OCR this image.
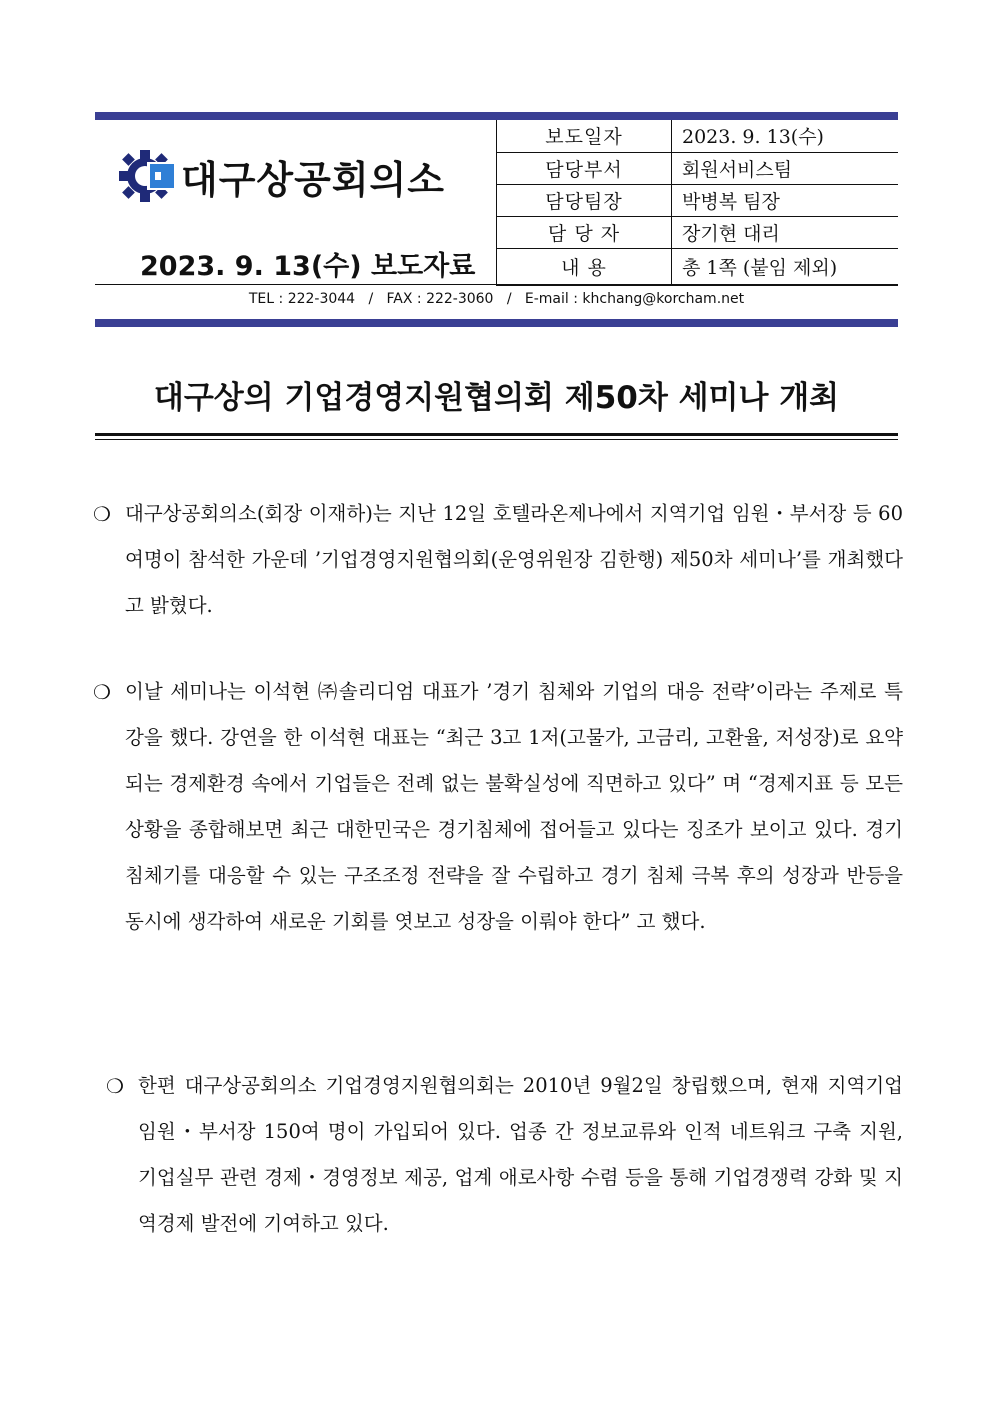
대구상공회의소
2023. 9. 13(수) 보도자료
보도일자	2023. 9. 13(수)
담당부서	회원서비스팀
담당팀장	박병복 팀장
담 당 자	장기현 대리
내 용	총 1쪽 (붙임 제외)
TEL : 222-3044   /   FAX : 222-3060   /   E-mail : khchang@korcham.net
대구상의 기업경영지원협의회 제50차 세미나 개최
❍ 대구상공회의소(회장 이재하)는 지난 12일 호텔라온제나에서 지역기업 임원・부서장 등 60여명이 참석한 가운데 ’기업경영지원협의회(운영위원장 김한행) 제50차 세미나’를 개최했다고 밝혔다.
❍ 이날 세미나는 이석현 ㈜솔리디엄 대표가 ’경기 침체와 기업의 대응 전략’이라는 주제로 특강을 했다. 강연을 한 이석현 대표는 “최근 3고 1저(고물가, 고금리, 고환율, 저성장)로 요약되는 경제환경 속에서 기업들은 전례 없는 불확실성에 직면하고 있다” 며 “경제지표 등 모든 상황을 종합해보면 최근 대한민국은 경기침체에 접어들고 있다는 징조가 보이고 있다. 경기 침체기를 대응할 수 있는 구조조정 전략을 잘 수립하고 경기 침체 극복 후의 성장과 반등을 동시에 생각하여 새로운 기회를 엿보고 성장을 이뤄야 한다” 고 했다.
❍ 한편 대구상공회의소 기업경영지원협의회는 2010년 9월2일 창립했으며, 현재 지역기업 임원・부서장 150여 명이 가입되어 있다. 업종 간 정보교류와 인적 네트워크 구축 지원, 기업실무 관련 경제・경영정보 제공, 업계 애로사항 수렴 등을 통해 기업경쟁력 강화 및 지역경제 발전에 기여하고 있다.
